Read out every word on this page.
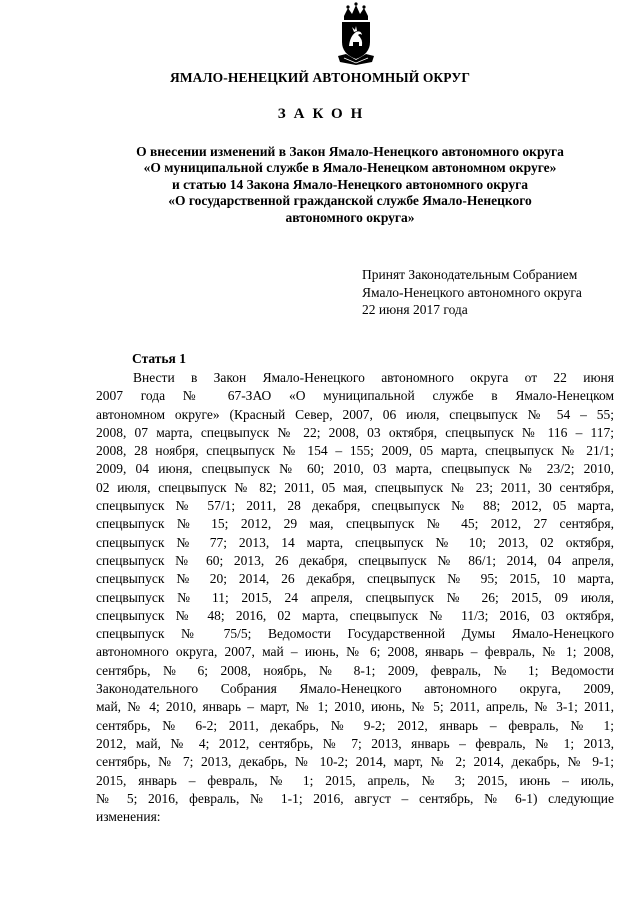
ЯМАЛО-НЕНЕЦКИЙ АВТОНОМНЫЙ ОКРУГ
ЗАКОН
О внесении изменений в Закон Ямало-Ненецкого автономного округа
«О муниципальной службе в Ямало-Ненецком автономном округе»
и статью 14 Закона Ямало-Ненецкого автономного округа
«О государственной гражданской службе Ямало-Ненецкого
автономного округа»
Принят Законодательным Собранием
Ямало-Ненецкого автономного округа
22 июня 2017 года
Статья 1
Внести в Закон Ямало-Ненецкого автономного округа от 22 июня
2007 года № 67-ЗАО «О муниципальной службе в Ямало-Ненецком
автономном округе» (Красный Север, 2007, 06 июля, спецвыпуск № 54 – 55;
2008, 07 марта, спецвыпуск № 22; 2008, 03 октября, спецвыпуск № 116 – 117;
2008, 28 ноября, спецвыпуск № 154 – 155; 2009, 05 марта, спецвыпуск № 21/1;
2009, 04 июня, спецвыпуск № 60; 2010, 03 марта, спецвыпуск № 23/2; 2010,
02 июля, спецвыпуск № 82; 2011, 05 мая, спецвыпуск № 23; 2011, 30 сентября,
спецвыпуск № 57/1; 2011, 28 декабря, спецвыпуск № 88; 2012, 05 марта,
спецвыпуск № 15; 2012, 29 мая, спецвыпуск № 45; 2012, 27 сентября,
спецвыпуск № 77; 2013, 14 марта, спецвыпуск № 10; 2013, 02 октября,
спецвыпуск № 60; 2013, 26 декабря, спецвыпуск № 86/1; 2014, 04 апреля,
спецвыпуск № 20; 2014, 26 декабря, спецвыпуск № 95; 2015, 10 марта,
спецвыпуск № 11; 2015, 24 апреля, спецвыпуск № 26; 2015, 09 июля,
спецвыпуск № 48; 2016, 02 марта, спецвыпуск № 11/3; 2016, 03 октября,
спецвыпуск № 75/5; Ведомости Государственной Думы Ямало-Ненецкого
автономного округа, 2007, май – июнь, № 6; 2008, январь – февраль, № 1; 2008,
сентябрь, № 6; 2008, ноябрь, № 8-1; 2009, февраль, № 1; Ведомости
Законодательного Собрания Ямало-Ненецкого автономного округа, 2009,
май, № 4; 2010, январь – март, № 1; 2010, июнь, № 5; 2011, апрель, № 3-1; 2011,
сентябрь, № 6-2; 2011, декабрь, № 9-2; 2012, январь – февраль, № 1;
2012, май, № 4; 2012, сентябрь, № 7; 2013, январь – февраль, № 1; 2013,
сентябрь, № 7; 2013, декабрь, № 10-2; 2014, март, № 2; 2014, декабрь, № 9-1;
2015, январь – февраль, № 1; 2015, апрель, № 3; 2015, июнь – июль,
№ 5; 2016, февраль, № 1-1; 2016, август – сентябрь, № 6-1) следующие
изменения:
